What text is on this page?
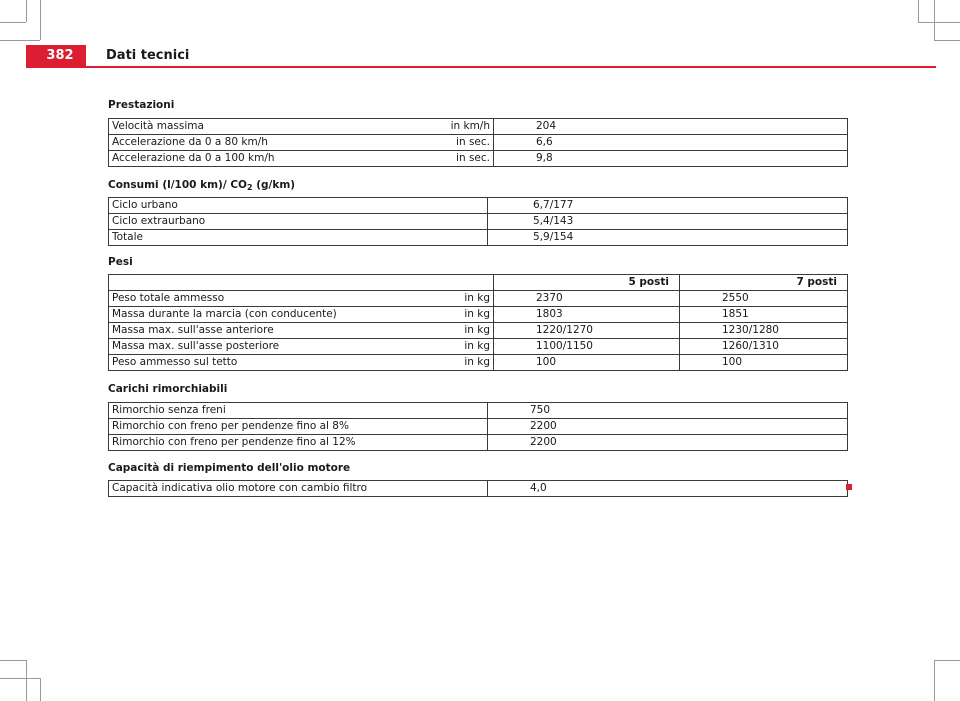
382	Dati tecnici
Prestazioni
Velocità massima	in km/h	204
Accelerazione da 0 a 80 km/h	in sec.	6,6
Accelerazione da 0 a 100 km/h	in sec.	9,8
Consumi (l/100 km)/ $CO_2$ (g/km)
Ciclo urbano	6,7/177
Ciclo extraurbano	5,4/143
Totale	5,9/154
Pesi
		5 posti	7 posti
Peso totale ammesso	in kg	2370	2550
Massa durante la marcia (con conducente)	in kg	1803	1851
Massa max. sull'asse anteriore	in kg	1220/1270	1230/1280
Massa max. sull'asse posteriore	in kg	1100/1150	1260/1310
Peso ammesso sul tetto	in kg	100	100
Carichi rimorchiabili
Rimorchio senza freni	750
Rimorchio con freno per pendenze fino al 8%	2200
Rimorchio con freno per pendenze fino al 12%	2200
Capacità di riempimento dell'olio motore
Capacità indicativa olio motore con cambio filtro	4,0
